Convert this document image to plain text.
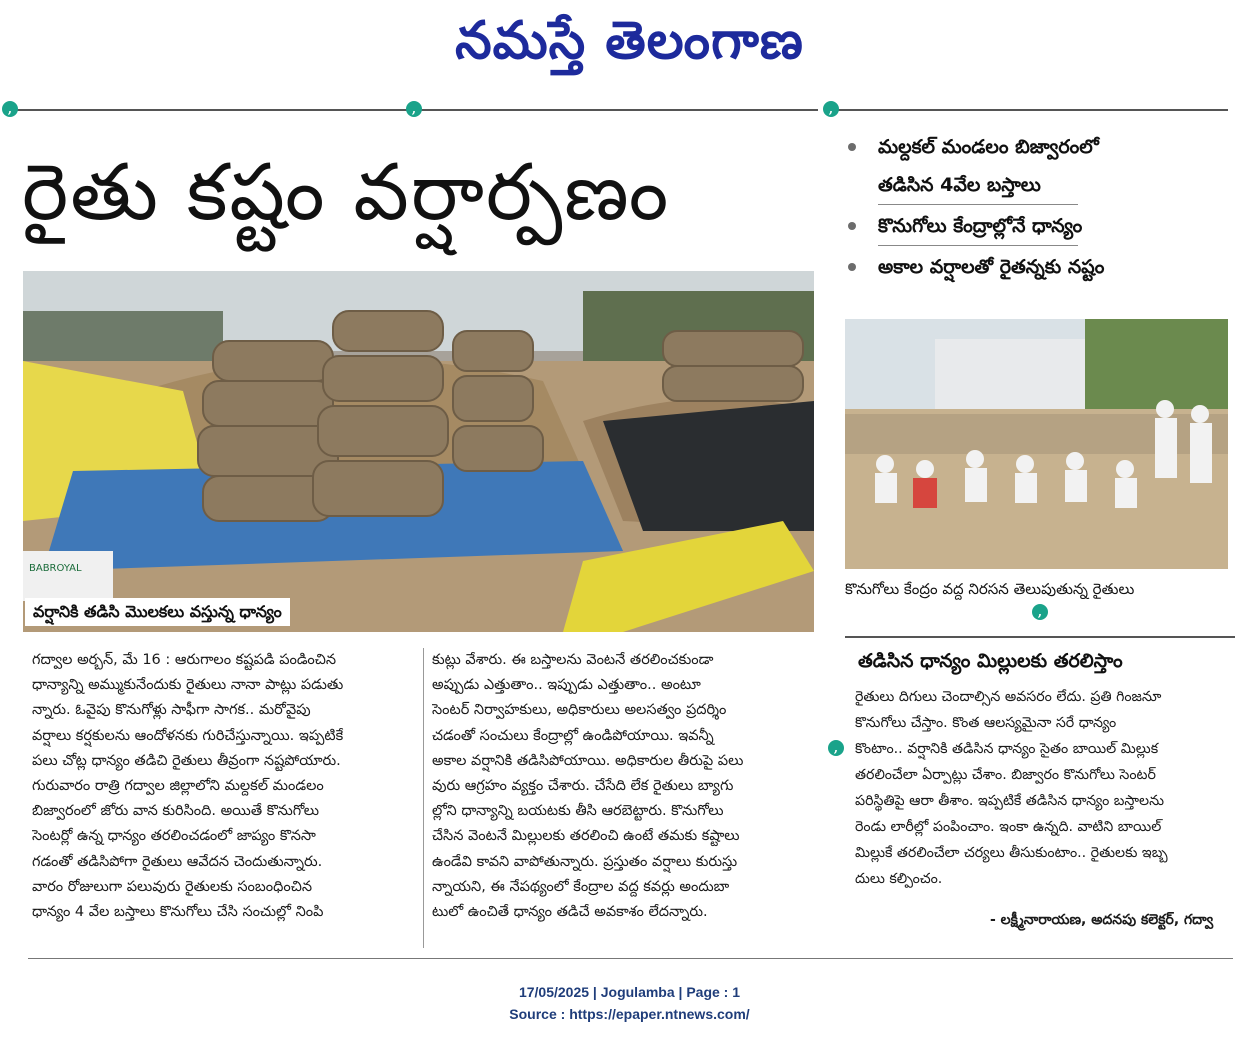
నమస్తే తెలంగాణ
,	,	,
రైతు కష్టం వర్షార్పణం
BABROYAL
వర్షానికి తడిసి మొలకలు వస్తున్న ధాన్యం
మల్దకల్ మండలం బిజ్వారంలో
తడిసిన 4వేల బస్తాలు
కొనుగోలు కేంద్రాల్లోనే ధాన్యం
అకాల వర్షాలతో రైతన్నకు నష్టం
కొనుగోలు కేంద్రం వద్ద నిరసన తెలుపుతున్న రైతులు
గద్వాల అర్బన్, మే 16 : ఆరుగాలం కష్టపడి పండించిన
ధాన్యాన్ని అమ్ముకునేందుకు రైతులు నానా పాట్లు పడుతు
న్నారు. ఓవైపు కొనుగోళ్లు సాఫీగా సాగక.. మరోవైపు
వర్షాలు కర్షకులను ఆందోళనకు గురిచేస్తున్నాయి. ఇప్పటికే
పలు చోట్ల ధాన్యం తడిచి రైతులు తీవ్రంగా నష్టపోయారు.
గురువారం రాత్రి గద్వాల జిల్లాలోని మల్దకల్ మండలం
బిజ్వారంలో జోరు వాన కురిసింది. అయితే కొనుగోలు
సెంటర్లో ఉన్న ధాన్యం తరలించడంలో జాప్యం కొనసా
గడంతో తడిసిపోగా రైతులు ఆవేదన చెందుతున్నారు.
వారం రోజులుగా పలువురు రైతులకు సంబంధించిన
ధాన్యం 4 వేల బస్తాలు కొనుగోలు చేసి సంచుల్లో నింపి
కుట్లు వేశారు. ఈ బస్తాలను వెంటనే తరలించకుండా
అప్పుడు ఎత్తుతాం.. ఇప్పుడు ఎత్తుతాం.. అంటూ
సెంటర్ నిర్వాహకులు, అధికారులు అలసత్వం ప్రదర్శిం
చడంతో సంచులు కేంద్రాల్లో ఉండిపోయాయి. ఇవన్నీ
అకాల వర్షానికి తడిసిపోయాయి. అధికారుల తీరుపై పలు
వురు ఆగ్రహం వ్యక్తం చేశారు. చేసేది లేక రైతులు బ్యాగు
ల్లోని ధాన్యాన్ని బయటకు తీసి ఆరబెట్టారు. కొనుగోలు
చేసిన వెంటనే మిల్లులకు తరలించి ఉంటే తమకు కష్టాలు
ఉండేవి కావని వాపోతున్నారు. ప్రస్తుతం వర్షాలు కురుస్తు
న్నాయని, ఈ నేపథ్యంలో కేంద్రాల వద్ద కవర్లు అందుబా
టులో ఉంచితే ధాన్యం తడిచే అవకాశం లేదన్నారు.
,
,
తడిసిన ధాన్యం మిల్లులకు తరలిస్తాం
రైతులు దిగులు చెందాల్సిన అవసరం లేదు. ప్రతి గింజనూ
కొనుగోలు చేస్తాం. కొంత ఆలస్యమైనా సరే ధాన్యం
కొంటాం.. వర్షానికి తడిసిన ధాన్యం సైతం బాయిల్ మిల్లుక
తరలించేలా ఏర్పాట్లు చేశాం. బిజ్వారం కొనుగోలు సెంటర్
పరిస్థితిపై ఆరా తీశాం. ఇప్పటికే తడిసిన ధాన్యం బస్తాలను
రెండు లారీల్లో పంపించాం. ఇంకా ఉన్నది. వాటిని బాయిల్
మిల్లుకే తరలించేలా చర్యలు తీసుకుంటాం.. రైతులకు ఇబ్బ
దులు కల్పించం.
- లక్ష్మీనారాయణ, అదనపు కలెక్టర్, గద్వా
17/05/2025 | Jogulamba | Page : 1
Source : https://epaper.ntnews.com/
